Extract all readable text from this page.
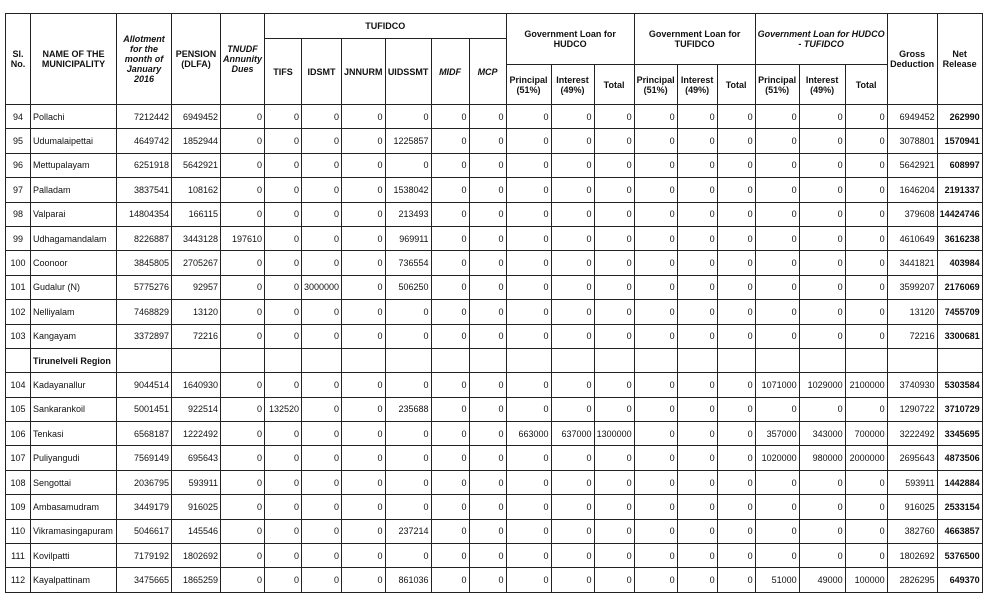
Sl. No.	NAME OF THE MUNICIPALITY	Allotment for the month of January 2016	PENSION (DLFA)	TNUDF Annunity Dues	TUFIDCO						Government Loan for HUDCO			Government Loan for TUFIDCO			Government Loan for HUDCO - TUFIDCO			Gross Deduction	Net Release
					TIFS	IDSMT	JNNURM	UIDSSMT	MIDF	MCP											
											Principal (51%)	Interest (49%)	Total	Principal (51%)	Interest (49%)	Total	Principal (51%)	Interest (49%)	Total		
94	Pollachi	7212442	6949452	0	0	0	0	0	0	0	0	0	0	0	0	0	0	0	0	6949452	262990
95	Udumalaipettai	4649742	1852944	0	0	0	0	1225857	0	0	0	0	0	0	0	0	0	0	0	3078801	1570941
96	Mettupalayam	6251918	5642921	0	0	0	0	0	0	0	0	0	0	0	0	0	0	0	0	5642921	608997
97	Palladam	3837541	108162	0	0	0	0	1538042	0	0	0	0	0	0	0	0	0	0	0	1646204	2191337
98	Valparai	14804354	166115	0	0	0	0	213493	0	0	0	0	0	0	0	0	0	0	0	379608	14424746
99	Udhagamandalam	8226887	3443128	197610	0	0	0	969911	0	0	0	0	0	0	0	0	0	0	0	4610649	3616238
100	Coonoor	3845805	2705267	0	0	0	0	736554	0	0	0	0	0	0	0	0	0	0	0	3441821	403984
101	Gudalur (N)	5775276	92957	0	0	3000000	0	506250	0	0	0	0	0	0	0	0	0	0	0	3599207	2176069
102	Nelliyalam	7468829	13120	0	0	0	0	0	0	0	0	0	0	0	0	0	0	0	0	13120	7455709
103	Kangayam	3372897	72216	0	0	0	0	0	0	0	0	0	0	0	0	0	0	0	0	72216	3300681
	Tirunelveli Region																				
104	Kadayanallur	9044514	1640930	0	0	0	0	0	0	0	0	0	0	0	0	0	1071000	1029000	2100000	3740930	5303584
105	Sankarankoil	5001451	922514	0	132520	0	0	235688	0	0	0	0	0	0	0	0	0	0	0	1290722	3710729
106	Tenkasi	6568187	1222492	0	0	0	0	0	0	0	663000	637000	1300000	0	0	0	357000	343000	700000	3222492	3345695
107	Puliyangudi	7569149	695643	0	0	0	0	0	0	0	0	0	0	0	0	0	1020000	980000	2000000	2695643	4873506
108	Sengottai	2036795	593911	0	0	0	0	0	0	0	0	0	0	0	0	0	0	0	0	593911	1442884
109	Ambasamudram	3449179	916025	0	0	0	0	0	0	0	0	0	0	0	0	0	0	0	0	916025	2533154
110	Vikramasingapuram	5046617	145546	0	0	0	0	237214	0	0	0	0	0	0	0	0	0	0	0	382760	4663857
111	Kovilpatti	7179192	1802692	0	0	0	0	0	0	0	0	0	0	0	0	0	0	0	0	1802692	5376500
112	Kayalpattinam	3475665	1865259	0	0	0	0	861036	0	0	0	0	0	0	0	0	51000	49000	100000	2826295	649370
